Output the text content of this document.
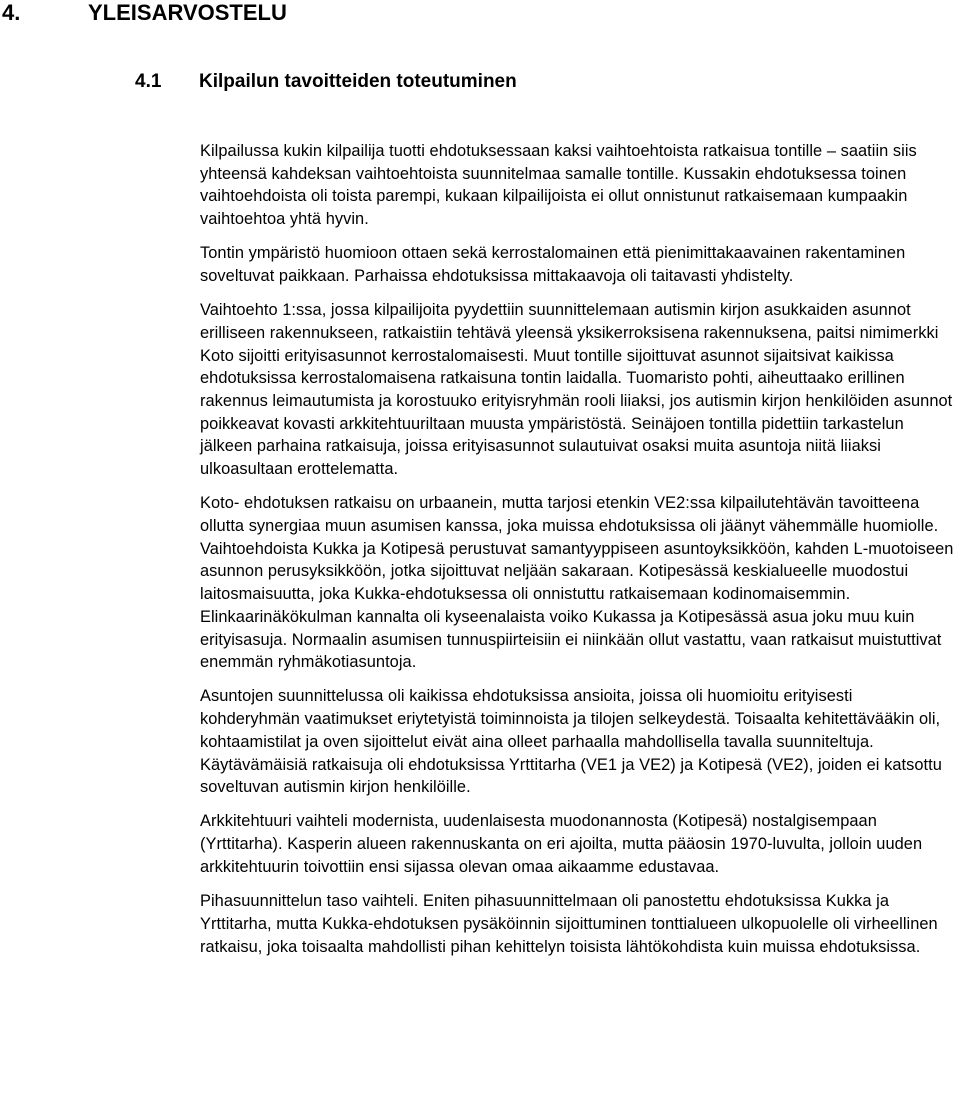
4.	YLEISARVOSTELU
4.1 Kilpailun tavoitteiden toteutuminen

Kilpailussa kukin kilpailija tuotti ehdotuksessaan kaksi vaihtoehtoista ratkaisua tontille – saatiin siis yhteensä kahdeksan vaihtoehtoista suunnitelmaa samalle tontille. Kussakin ehdotuksessa toinen vaihtoehdoista oli toista parempi, kukaan kilpailijoista ei ollut onnistunut ratkaisemaan kumpaakin vaihtoehtoa yhtä hyvin.

Tontin ympäristö huomioon ottaen sekä kerrostalomainen että pienimittakaavainen rakentaminen soveltuvat paikkaan. Parhaissa ehdotuksissa mittakaavoja oli taitavasti yhdistelty.

Vaihtoehto 1:ssa, jossa kilpailijoita pyydettiin suunnittelemaan autismin kirjon asukkaiden asunnot erilliseen rakennukseen, ratkaistiin tehtävä yleensä yksikerroksisena rakennuksena, paitsi nimimerkki Koto sijoitti erityisasunnot kerrostalomaisesti. Muut tontille sijoittuvat asunnot sijaitsivat kaikissa ehdotuksissa kerrostalomaisena ratkaisuna tontin laidalla. Tuomaristo pohti, aiheuttaako erillinen rakennus leimautumista ja korostuuko erityisryhmän rooli liiaksi, jos autismin kirjon henkilöiden asunnot poikkeavat kovasti arkkitehtuuriltaan muusta ympäristöstä. Seinäjoen tontilla pidettiin tarkastelun jälkeen parhaina ratkaisuja, joissa erityisasunnot sulautuivat osaksi muita asuntoja niitä liiaksi ulkoasultaan erottelematta.

Koto- ehdotuksen ratkaisu on urbaanein, mutta tarjosi etenkin VE2:ssa kilpailutehtävän tavoitteena ollutta synergiaa muun asumisen kanssa, joka muissa ehdotuksissa oli jäänyt vähemmälle huomiolle. Vaihtoehdoista Kukka ja Kotipesä perustuvat samantyyppiseen asuntoyksikköön, kahden L-muotoiseen asunnon perusyksikköön, jotka sijoittuvat neljään sakaraan. Kotipesässä keskialueelle muodostui laitosmaisuutta, joka Kukka-ehdotuksessa oli onnistuttu ratkaisemaan kodinomaisemmin. Elinkaarinäkökulman kannalta oli kyseenalaista voiko Kukassa ja Kotipesässä asua joku muu kuin erityisasuja. Normaalin asumisen tunnuspiirteisiin ei niinkään ollut vastattu, vaan ratkaisut muistuttivat enemmän ryhmäkotiasuntoja.

Asuntojen suunnittelussa oli kaikissa ehdotuksissa ansioita, joissa oli huomioitu erityisesti kohderyhmän vaatimukset eriytetyistä toiminnoista ja tilojen selkeydestä. Toisaalta kehitettävääkin oli, kohtaamistilat ja oven sijoittelut eivät aina olleet parhaalla mahdollisella tavalla suunniteltuja. Käytävämäisiä ratkaisuja oli ehdotuksissa Yrttitarha (VE1 ja VE2) ja Kotipesä (VE2), joiden ei katsottu soveltuvan autismin kirjon henkilöille.

Arkkitehtuuri vaihteli modernista, uudenlaisesta muodonannosta (Kotipesä) nostalgisempaan (Yrttitarha). Kasperin alueen rakennuskanta on eri ajoilta, mutta pääosin 1970-luvulta, jolloin uuden arkkitehtuurin toivottiin ensi sijassa olevan omaa aikaamme edustavaa.

Pihasuunnittelun taso vaihteli. Eniten pihasuunnittelmaan oli panostettu ehdotuksissa Kukka ja Yrttitarha, mutta Kukka-ehdotuksen pysäköinnin sijoittuminen tonttialueen ulkopuolelle oli virheellinen ratkaisu, joka toisaalta mahdollisti pihan kehittelyn toisista lähtökohdista kuin muissa ehdotuksissa.
